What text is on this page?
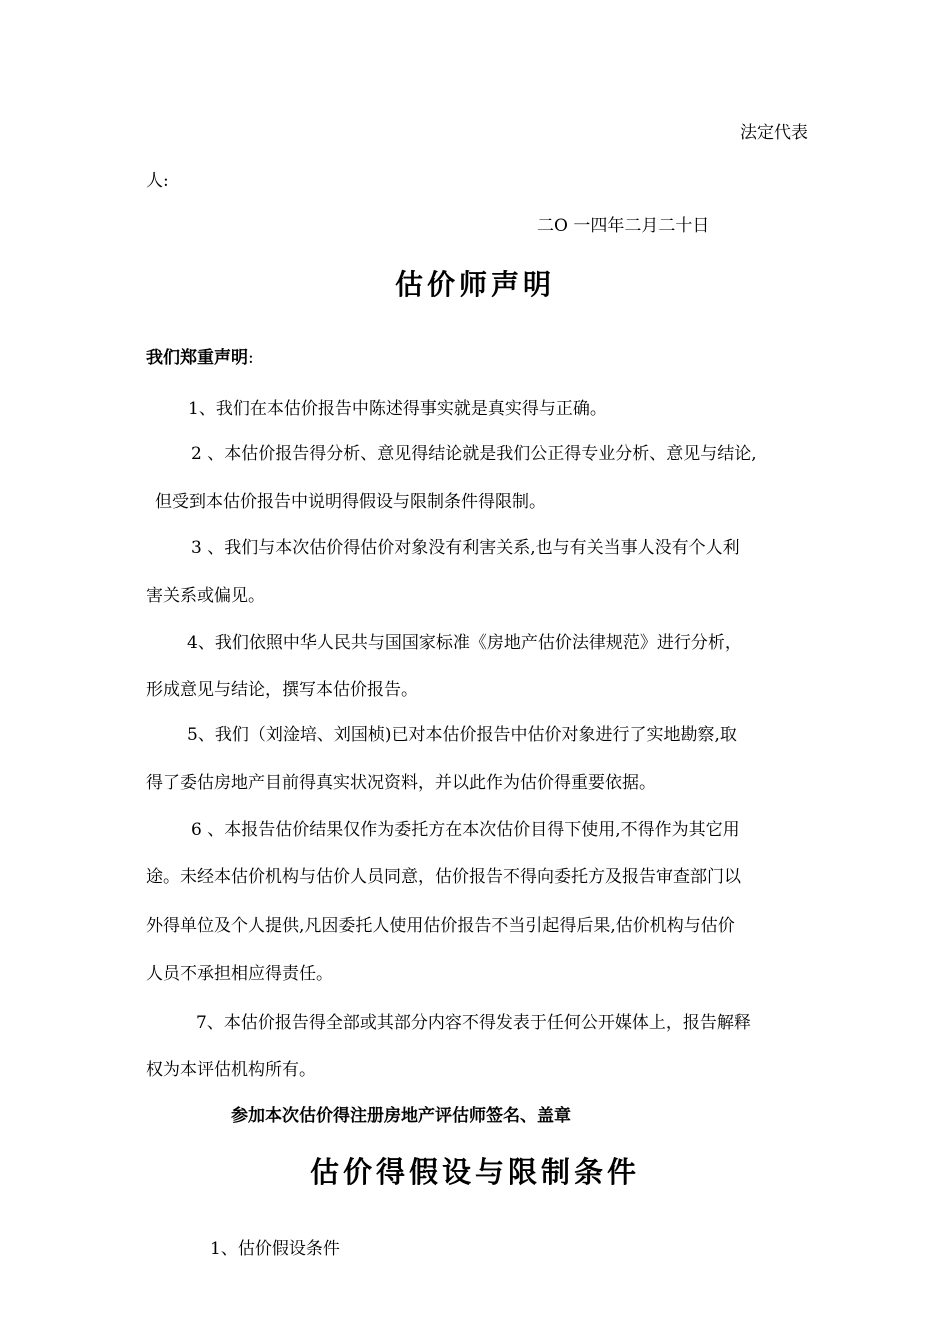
法定代表
人:
二O 一四年二月二十日
估价师声明
我们郑重声明:
1、我们在本估价报告中陈述得事实就是真实得与正确。
2 、本估价报告得分析、意见得结论就是我们公正得专业分析、意见与结论,
但受到本估价报告中说明得假设与限制条件得限制。
3 、我们与本次估价得估价对象没有利害关系,也与有关当事人没有个人利
害关系或偏见。
4、我们依照中华人民共与国国家标准《房地产估价法律规范》进行分析，
形成意见与结论，撰写本估价报告。
5、我们（刘淦培、刘国桢)已对本估价报告中估价对象进行了实地勘察,取
得了委估房地产目前得真实状况资料，并以此作为估价得重要依据。
6 、本报告估价结果仅作为委托方在本次估价目得下使用,不得作为其它用
途。未经本估价机构与估价人员同意，估价报告不得向委托方及报告审查部门以
外得单位及个人提供,凡因委托人使用估价报告不当引起得后果,估价机构与估价
人员不承担相应得责任。
7、本估价报告得全部或其部分内容不得发表于任何公开媒体上，报告解释
权为本评估机构所有。
参加本次估价得注册房地产评估师签名、盖章
估价得假设与限制条件
1、估价假设条件
